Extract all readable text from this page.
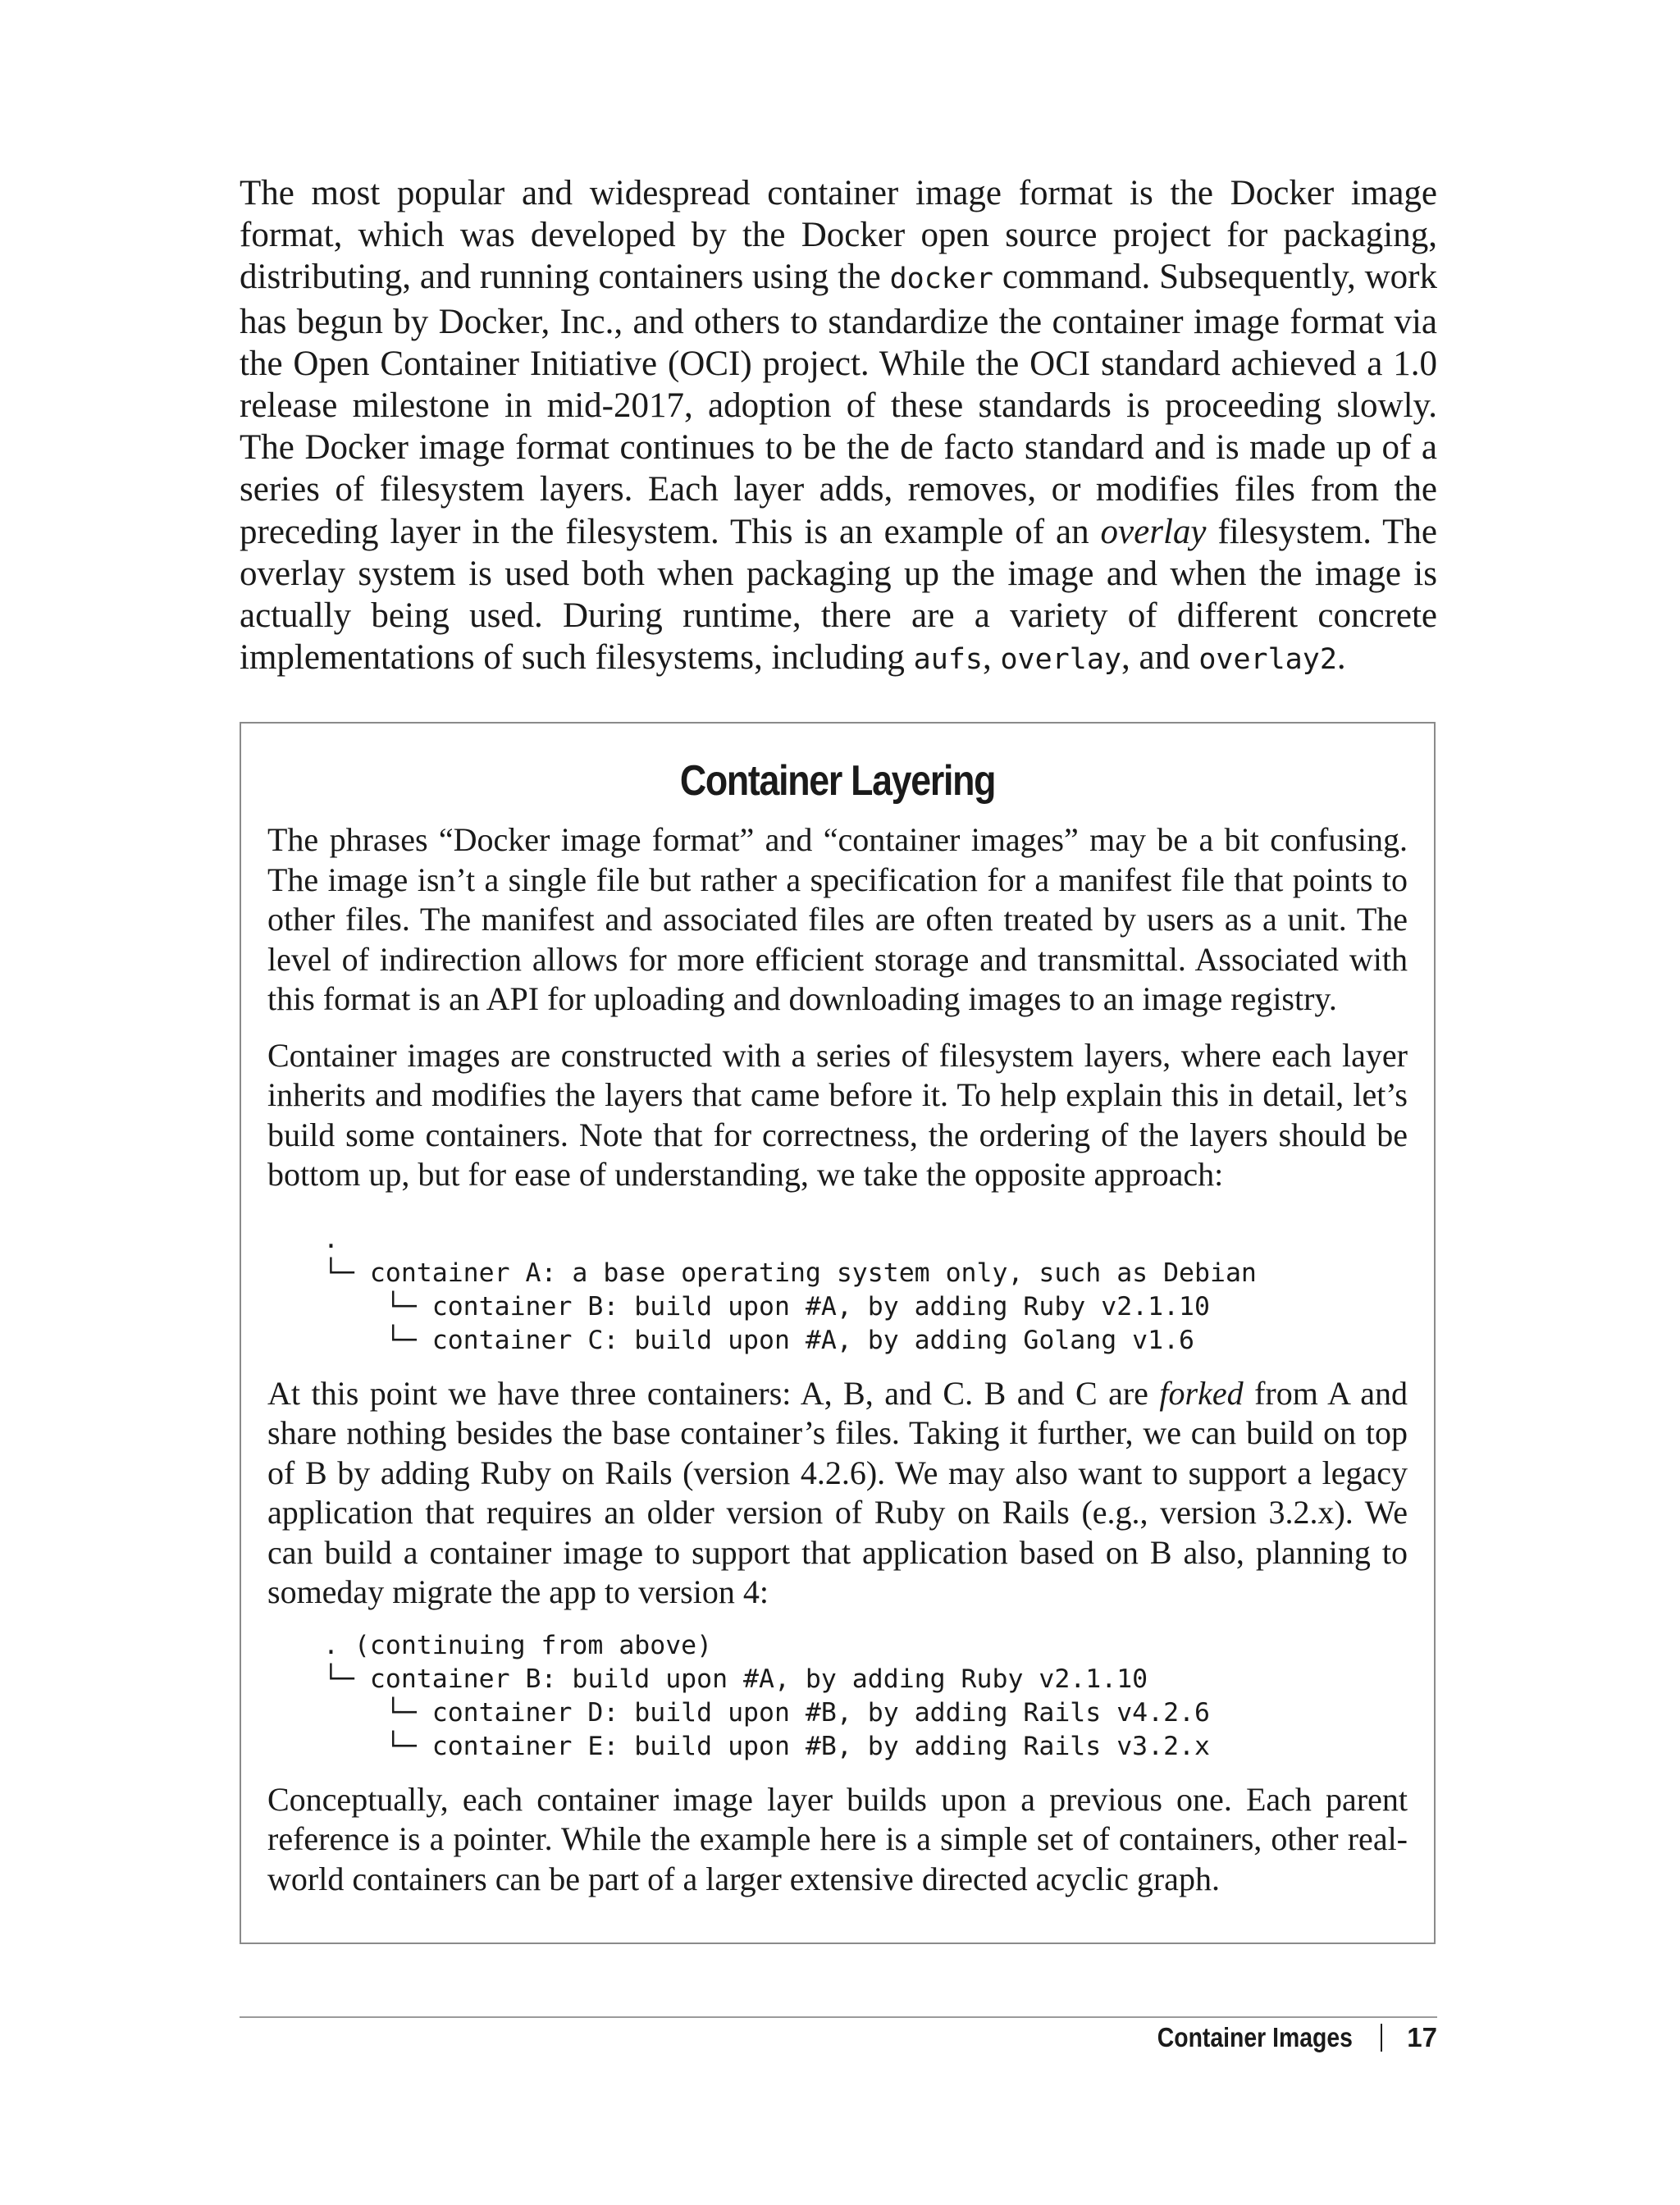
The most popular and widespread container image format is the Docker image format, which was developed by the Docker open source project for packaging, distributing, and running containers using the docker command. Subsequently, work has begun by Docker, Inc., and others to standardize the container image format via the Open Container Initiative (OCI) project. While the OCI standard achieved a 1.0 release milestone in mid-2017, adoption of these standards is proceeding slowly. The Docker image format continues to be the de facto standard and is made up of a series of filesystem layers. Each layer adds, removes, or modifies files from the preceding layer in the filesystem. This is an example of an overlay filesystem. The overlay system is used both when packaging up the image and when the image is actually being used. During runtime, there are a variety of different concrete implementations of such filesystems, including aufs, overlay, and overlay2.

Container Layering

The phrases “Docker image format” and “container images” may be a bit confusing. The image isn’t a single file but rather a specification for a manifest file that points to other files. The manifest and associated files are often treated by users as a unit. The level of indirection allows for more efficient storage and transmittal. Associated with this format is an API for uploading and downloading images to an image registry.

Container images are constructed with a series of filesystem layers, where each layer inherits and modifies the layers that came before it. To help explain this in detail, let’s build some containers. Note that for correctness, the ordering of the layers should be bottom up, but for ease of understanding, we take the opposite approach:

.
└─ container A: a base operating system only, such as Debian
└─ container B: build upon #A, by adding Ruby v2.1.10
└─ container C: build upon #A, by adding Golang v1.6

At this point we have three containers: A, B, and C. B and C are forked from A and share nothing besides the base container’s files. Taking it further, we can build on top of B by adding Ruby on Rails (version 4.2.6). We may also want to support a legacy application that requires an older version of Ruby on Rails (e.g., version 3.2.x). We can build a container image to support that application based on B also, planning to someday migrate the app to version 4:

. (continuing from above)
└─ container B: build upon #A, by adding Ruby v2.1.10
└─ container D: build upon #B, by adding Rails v4.2.6
└─ container E: build upon #B, by adding Rails v3.2.x

Conceptually, each container image layer builds upon a previous one. Each parent reference is a pointer. While the example here is a simple set of containers, other real-world containers can be part of a larger extensive directed acyclic graph.

Container Images 17
